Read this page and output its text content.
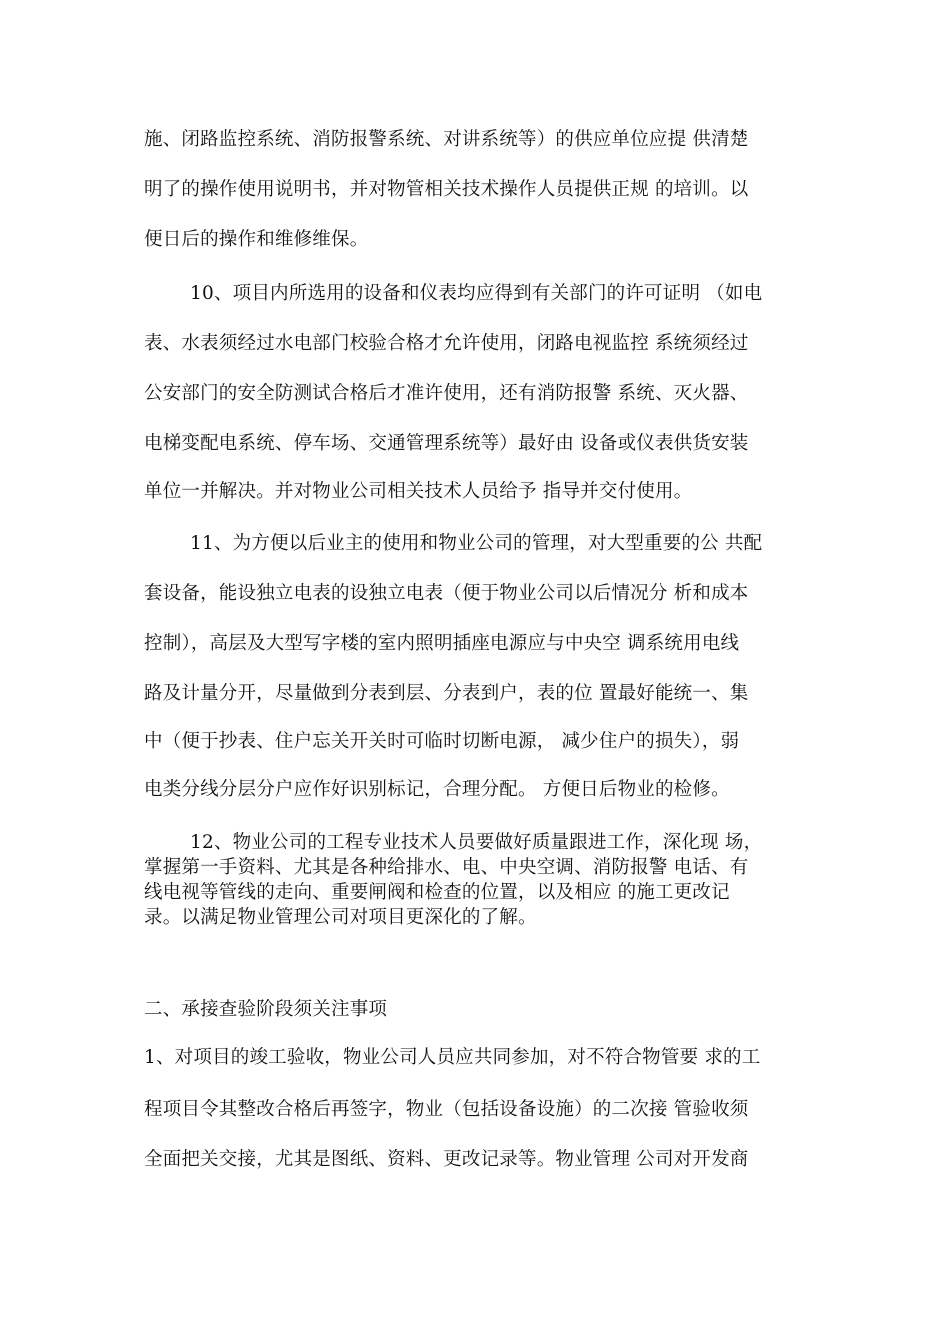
施、闭路监控系统、消防报警系统、对讲系统等）的供应单位应提 供清楚
明了的操作使用说明书，并对物管相关技术操作人员提供正规 的培训。以
便日后的操作和维修维保。
10、项目内所选用的设备和仪表均应得到有关部门的许可证明 （如电
表、水表须经过水电部门校验合格才允许使用，闭路电视监控 系统须经过
公安部门的安全防测试合格后才准许使用，还有消防报警 系统、灭火器、
电梯变配电系统、停车场、交通管理系统等）最好由 设备或仪表供货安装
单位一并解决。并对物业公司相关技术人员给予 指导并交付使用。
11、为方便以后业主的使用和物业公司的管理，对大型重要的公 共配
套设备，能设独立电表的设独立电表（便于物业公司以后情况分 析和成本
控制），高层及大型写字楼的室内照明插座电源应与中央空 调系统用电线
路及计量分开，尽量做到分表到层、分表到户，表的位 置最好能统一、集
中（便于抄表、住户忘关开关时可临时切断电源， 减少住户的损失），弱
电类分线分层分户应作好识别标记，合理分配。 方便日后物业的检修。
12、物业公司的工程专业技术人员要做好质量跟进工作，深化现 场，
掌握第一手资料、尤其是各种给排水、电、中央空调、消防报警 电话、有
线电视等管线的走向、重要闸阀和检查的位置，以及相应 的施工更改记
录。以满足物业管理公司对项目更深化的了解。
二、承接查验阶段须关注事项
1、对项目的竣工验收，物业公司人员应共同参加，对不符合物管要 求的工
程项目令其整改合格后再签字，物业（包括设备设施）的二次接 管验收须
全面把关交接，尤其是图纸、资料、更改记录等。物业管理 公司对开发商
